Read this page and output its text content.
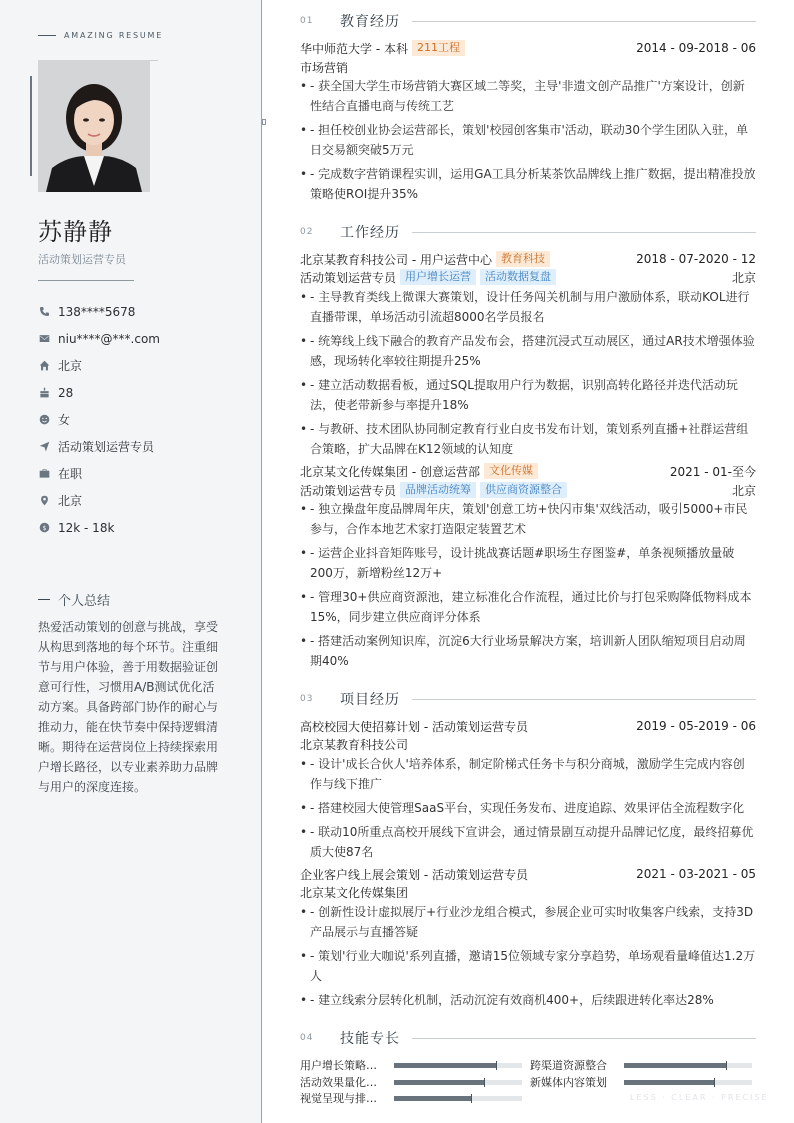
AMAZING RESUME
苏静静
活动策划运营专员
138****5678
niu****@***.com
北京
28
女
活动策划运营专员
在职
北京
$ 12k - 18k
个人总结
热爱活动策划的创意与挑战，享受从构思到落地的每个环节。注重细节与用户体验，善于用数据验证创意可行性，习惯用A/B测试优化活动方案。具备跨部门协作的耐心与推动力，能在快节奏中保持逻辑清晰。期待在运营岗位上持续探索用户增长路径，以专业素养助力品牌与用户的深度连接。
01	教育经历
华中师范大学 - 本科 211工程	2014 - 09-2018 - 06
市场营销
• - 获全国大学生市场营销大赛区域二等奖，主导'非遗文创产品推广'方案设计，创新性结合直播电商与传统工艺
• - 担任校创业协会运营部长，策划'校园创客集市'活动，联动30个学生团队入驻，单日交易额突破5万元
• - 完成数字营销课程实训，运用GA工具分析某茶饮品牌线上推广数据，提出精准投放策略使ROI提升35%
02	工作经历
北京某教育科技公司 - 用户运营中心 教育科技	2018 - 07-2020 - 12
活动策划运营专员 用户增长运营	活动数据复盘	北京
• - 主导教育类线上微课大赛策划，设计任务闯关机制与用户激励体系，联动KOL进行直播带课，单场活动引流超8000名学员报名
• - 统筹线上线下融合的教育产品发布会，搭建沉浸式互动展区，通过AR技术增强体验感，现场转化率较往期提升25%
• - 建立活动数据看板，通过SQL提取用户行为数据，识别高转化路径并迭代活动玩法，使老带新参与率提升18%
• - 与教研、技术团队协同制定教育行业白皮书发布计划，策划系列直播+社群运营组合策略，扩大品牌在K12领域的认知度
北京某文化传媒集团 - 创意运营部 文化传媒	2021 - 01-至今
活动策划运营专员 品牌活动统筹	供应商资源整合	北京
• - 独立操盘年度品牌周年庆，策划'创意工坊+快闪市集'双线活动，吸引5000+市民参与，合作本地艺术家打造限定装置艺术
• - 运营企业抖音矩阵账号，设计挑战赛话题#职场生存图鉴#，单条视频播放量破200万，新增粉丝12万+
• - 管理30+供应商资源池，建立标准化合作流程，通过比价与打包采购降低物料成本15%，同步建立供应商评分体系
• - 搭建活动案例知识库，沉淀6大行业场景解决方案，培训新人团队缩短项目启动周期40%
03	项目经历
高校校园大使招募计划 - 活动策划运营专员	2019 - 05-2019 - 06
北京某教育科技公司
• - 设计'成长合伙人'培养体系，制定阶梯式任务卡与积分商城，激励学生完成内容创作与线下推广
• - 搭建校园大使管理SaaS平台，实现任务发布、进度追踪、效果评估全流程数字化
• - 联动10所重点高校开展线下宣讲会，通过情景剧互动提升品牌记忆度，最终招募优质大使87名
企业客户线上展会策划 - 活动策划运营专员	2021 - 03-2021 - 05
北京某文化传媒集团
• - 创新性设计虚拟展厅+行业沙龙组合模式，参展企业可实时收集客户线索，支持3D产品展示与直播答疑
• - 策划'行业大咖说'系列直播，邀请15位领域专家分享趋势，单场观看量峰值达1.2万人
• - 建立线索分层转化机制，活动沉淀有效商机400+，后续跟进转化率达28%
04	技能专长
用户增长策略…	跨渠道资源整合
活动效果量化…	新媒体内容策划
视觉呈现与排…	LESS · CLEAR · PRECISE
